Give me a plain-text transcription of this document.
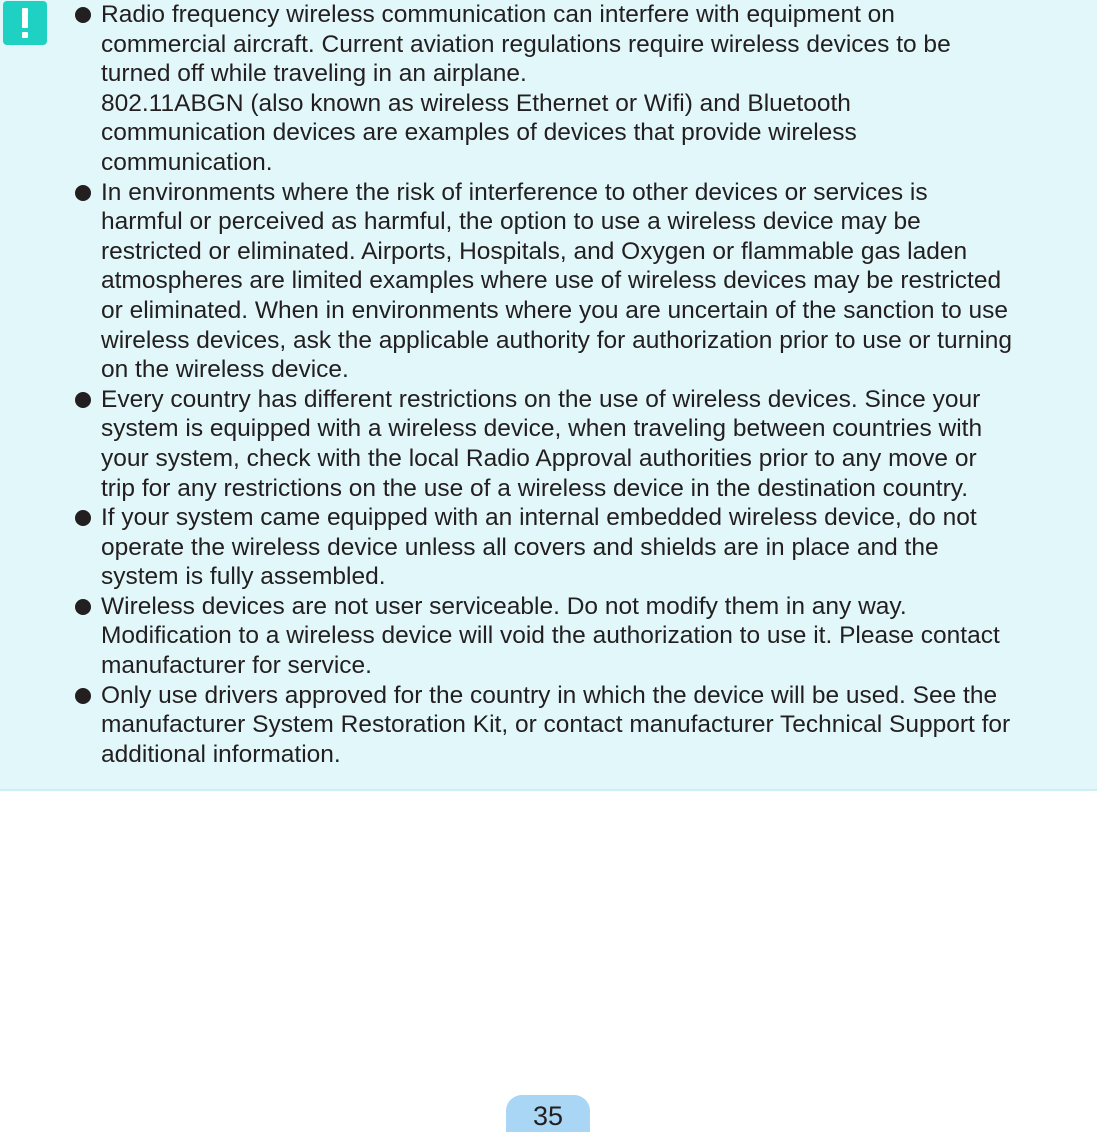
Radio frequency wireless communication can interfere with equipment on
commercial aircraft. Current aviation regulations require wireless devices to be
turned off while traveling in an airplane.
802.11ABGN (also known as wireless Ethernet or Wifi) and Bluetooth
communication devices are examples of devices that provide wireless
communication.
In environments where the risk of interference to other devices or services is
harmful or perceived as harmful, the option to use a wireless device may be
restricted or eliminated. Airports, Hospitals, and Oxygen or flammable gas laden
atmospheres are limited examples where use of wireless devices may be restricted
or eliminated. When in environments where you are uncertain of the sanction to use
wireless devices, ask the applicable authority for authorization prior to use or turning
on the wireless device.
Every country has different restrictions on the use of wireless devices. Since your
system is equipped with a wireless device, when traveling between countries with
your system, check with the local Radio Approval authorities prior to any move or
trip for any restrictions on the use of a wireless device in the destination country.
If your system came equipped with an internal embedded wireless device, do not
operate the wireless device unless all covers and shields are in place and the
system is fully assembled.
Wireless devices are not user serviceable. Do not modify them in any way.
Modification to a wireless device will void the authorization to use it. Please contact
manufacturer for service.
Only use drivers approved for the country in which the device will be used. See the
manufacturer System Restoration Kit, or contact manufacturer Technical Support for
additional information.
35
